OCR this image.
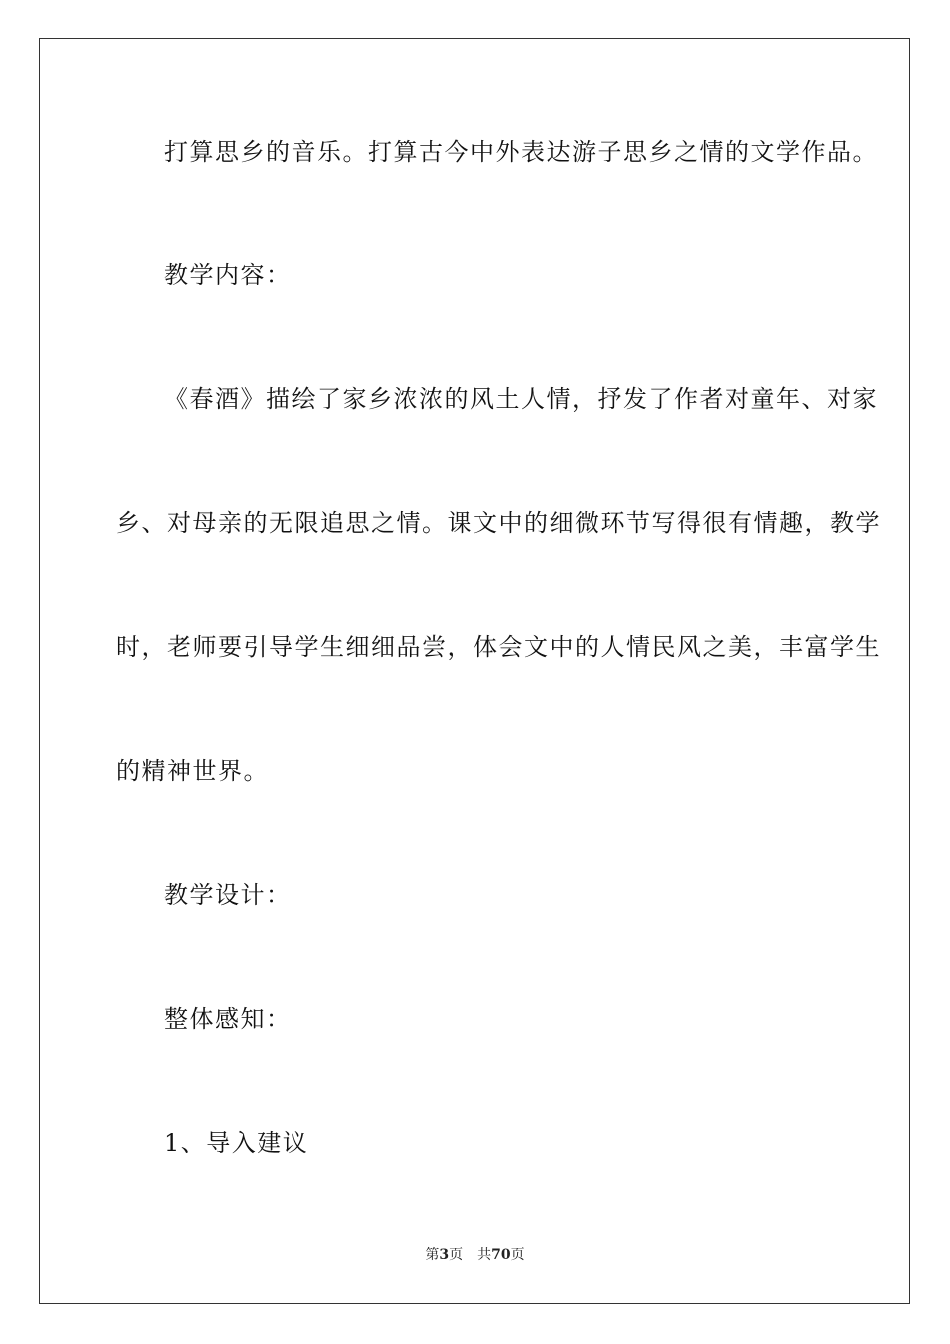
打算思乡的音乐。打算古今中外表达游子思乡之情的文学作品。
教学内容：
《春酒》描绘了家乡浓浓的风土人情，抒发了作者对童年、对家
乡、对母亲的无限追思之情。课文中的细微环节写得很有情趣，教学
时，老师要引导学生细细品尝，体会文中的人情民风之美，丰富学生
的精神世界。
教学设计：
整体感知：
1、导入建议
第3页 共70页
